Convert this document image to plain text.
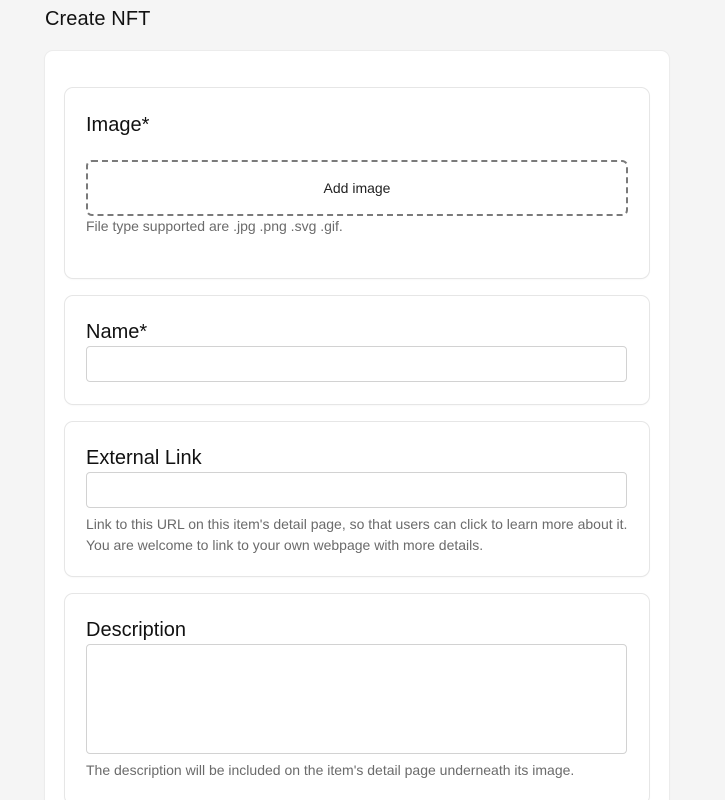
Create NFT
Image*
Add image
File type supported are .jpg .png .svg .gif.
Name*
External Link
Link to this URL on this item's detail page, so that users can click to learn more about it. You are welcome to link to your own webpage with more details.
Description
The description will be included on the item's detail page underneath its image.
